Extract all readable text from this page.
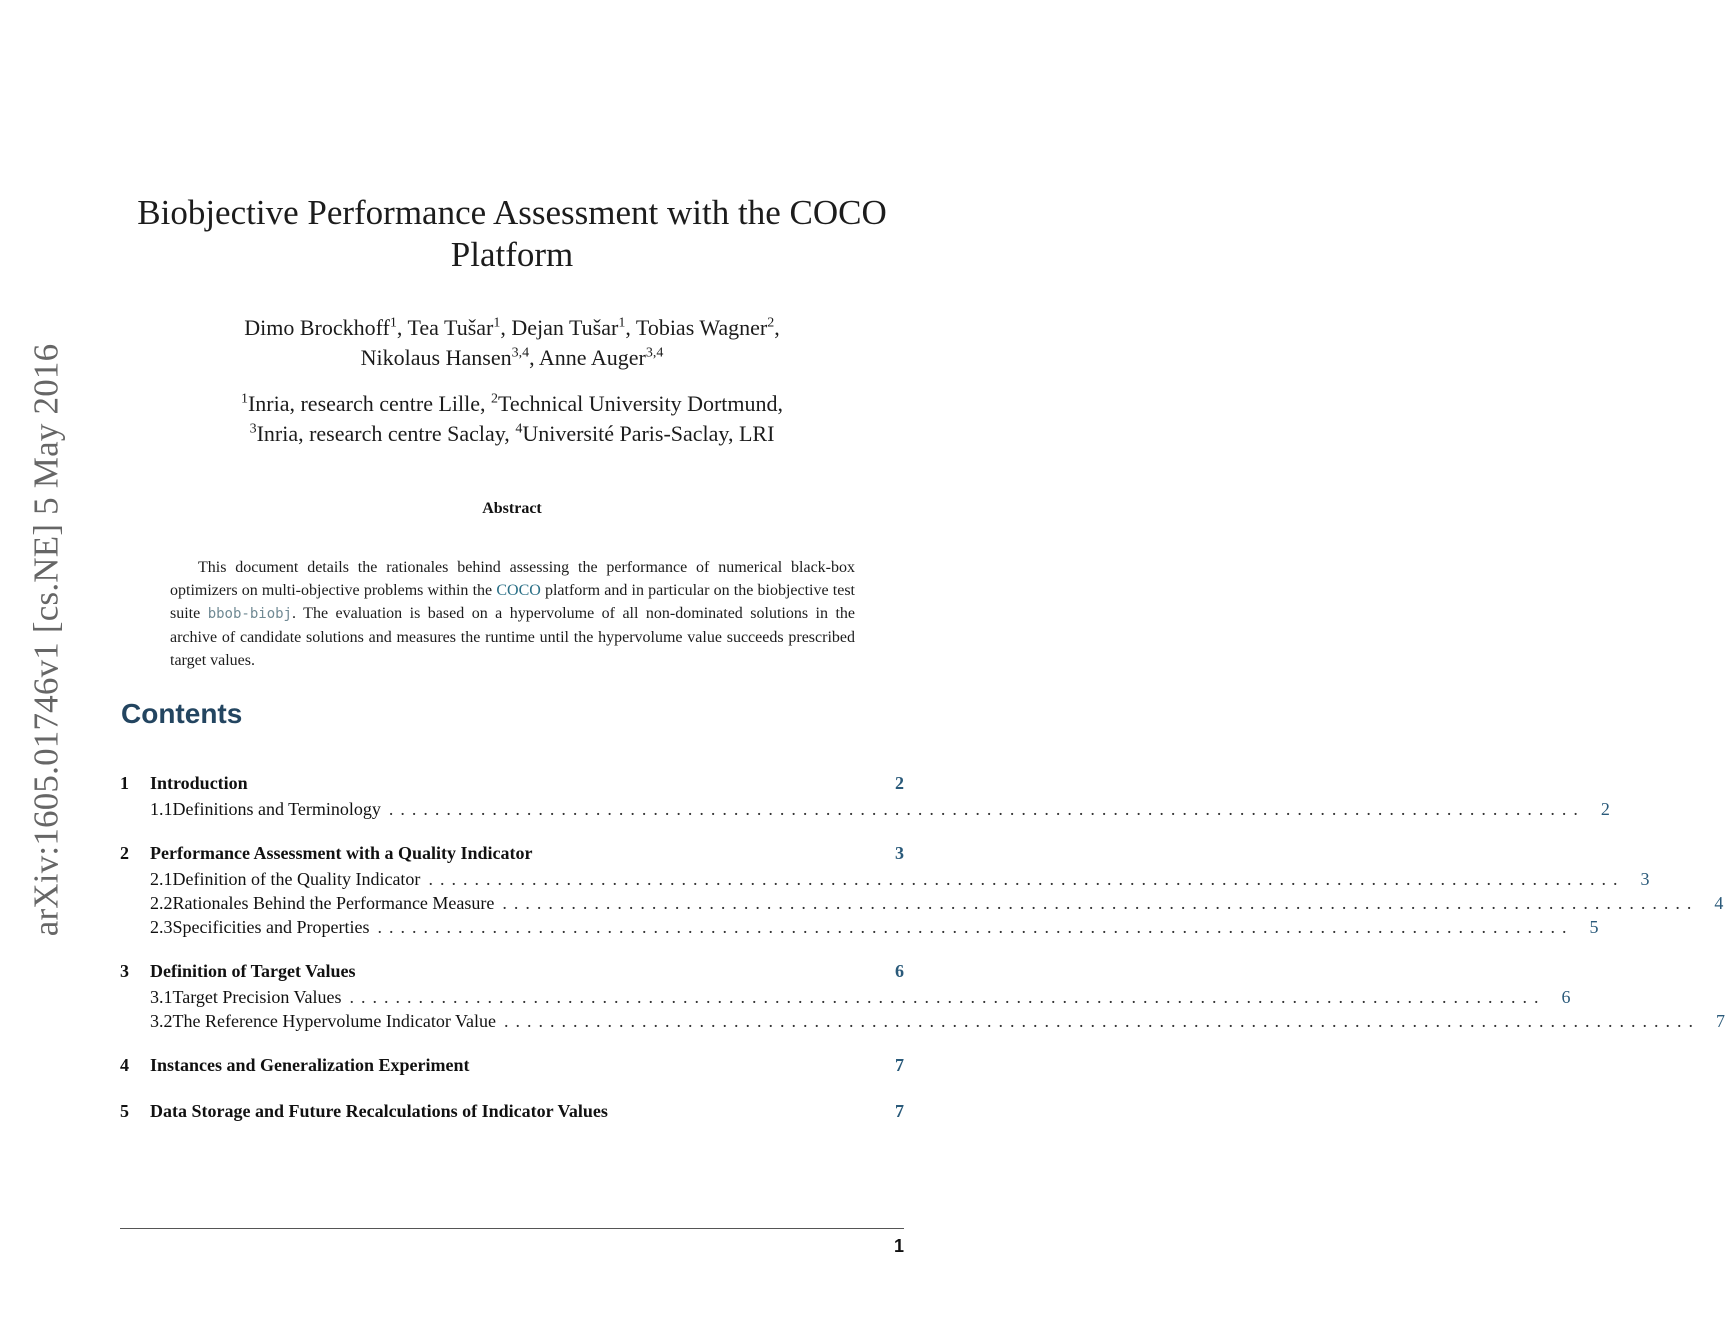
arXiv:1605.01746v1 [cs.NE] 5 May 2016
Biobjective Performance Assessment with the COCO Platform
Dimo Brockhoff$^1$, Tea Tušar$^1$, Dejan Tušar$^1$, Tobias Wagner$^2$,
Nikolaus Hansen$^{3,4}$, Anne Auger$^{3,4}$
$^1$Inria, research centre Lille, $^2$Technical University Dortmund,
$^3$Inria, research centre Saclay, $^4$Université Paris-Saclay, LRI
Abstract

This document details the rationales behind assessing the performance of numerical black-box optimizers on multi-objective problems within the COCO platform and in particular on the biobjective test suite bbob-biobj. The evaluation is based on a hypervolume of all non-dominated solutions in the archive of candidate solutions and measures the runtime until the hypervolume value succeeds prescribed target values.

Contents
1	Introduction	2
1.1 Definitions and Terminology ........................................................................................................ 2
2	Performance Assessment with a Quality Indicator	3
2.1 Definition of the Quality Indicator ........................................................................................................ 3
2.2 Rationales Behind the Performance Measure ........................................................................................................ 4
2.3 Specificities and Properties ........................................................................................................ 5
3	Definition of Target Values	6
3.1 Target Precision Values ........................................................................................................ 6
3.2 The Reference Hypervolume Indicator Value ........................................................................................................ 7
4	Instances and Generalization Experiment	7
5	Data Storage and Future Recalculations of Indicator Values	7
1
